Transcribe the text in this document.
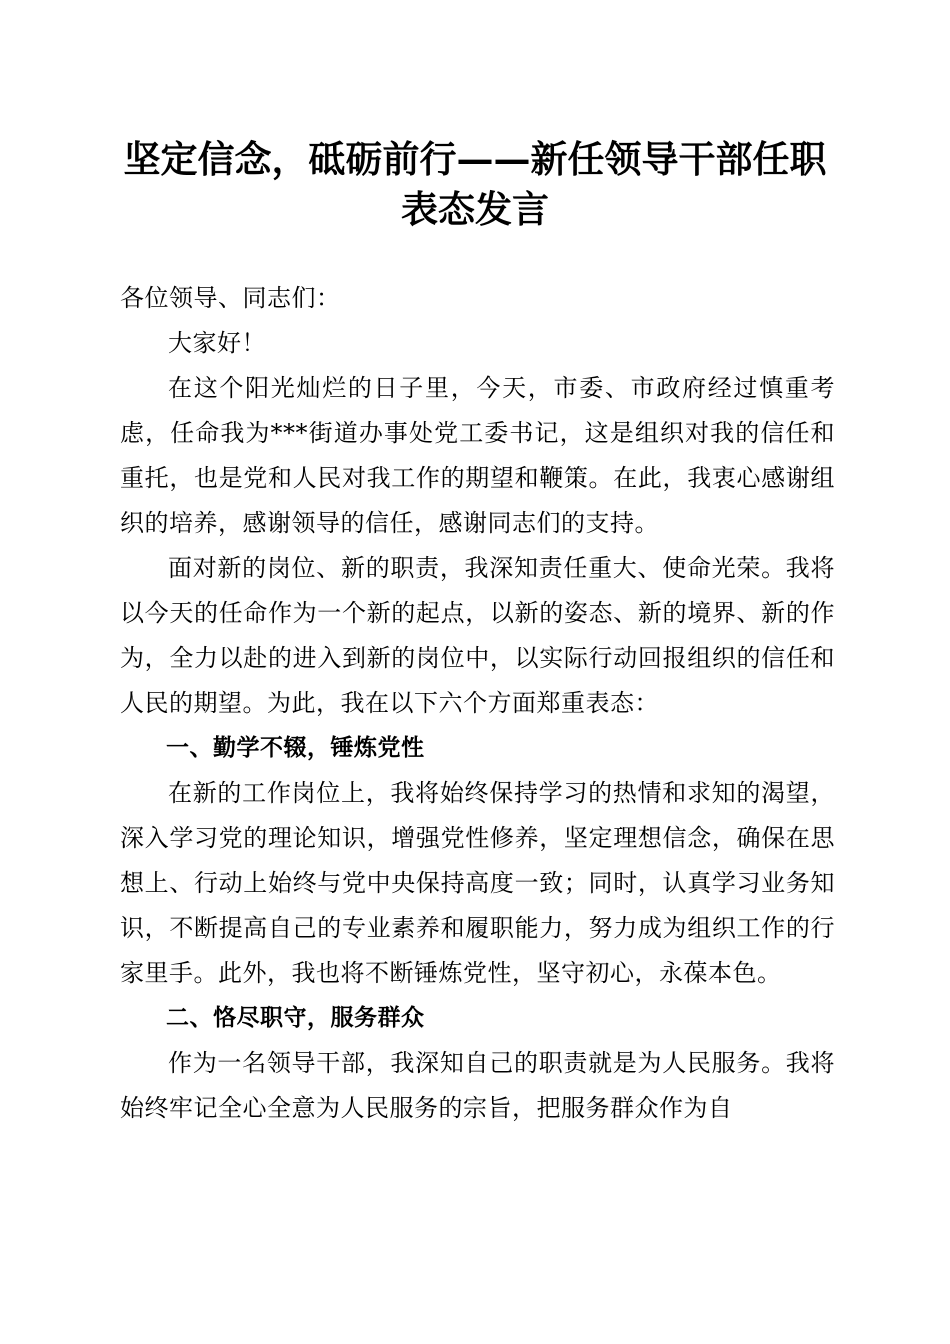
坚定信念，砥砺前行——新任领导干部任职表态发言

各位领导、同志们：

大家好！

在这个阳光灿烂的日子里，今天，市委、市政府经过慎重考虑，任命我为***街道办事处党工委书记，这是组织对我的信任和重托，也是党和人民对我工作的期望和鞭策。在此，我衷心感谢组织的培养，感谢领导的信任，感谢同志们的支持。

面对新的岗位、新的职责，我深知责任重大、使命光荣。我将以今天的任命作为一个新的起点，以新的姿态、新的境界、新的作为，全力以赴的进入到新的岗位中，以实际行动回报组织的信任和人民的期望。为此，我在以下六个方面郑重表态：

一、勤学不辍，锤炼党性

在新的工作岗位上，我将始终保持学习的热情和求知的渴望，深入学习党的理论知识，增强党性修养，坚定理想信念，确保在思想上、行动上始终与党中央保持高度一致；同时，认真学习业务知识，不断提高自己的专业素养和履职能力，努力成为组织工作的行家里手。此外，我也将不断锤炼党性，坚守初心，永葆本色。

二、恪尽职守，服务群众

作为一名领导干部，我深知自己的职责就是为人民服务。我将始终牢记全心全意为人民服务的宗旨，把服务群众作为自
